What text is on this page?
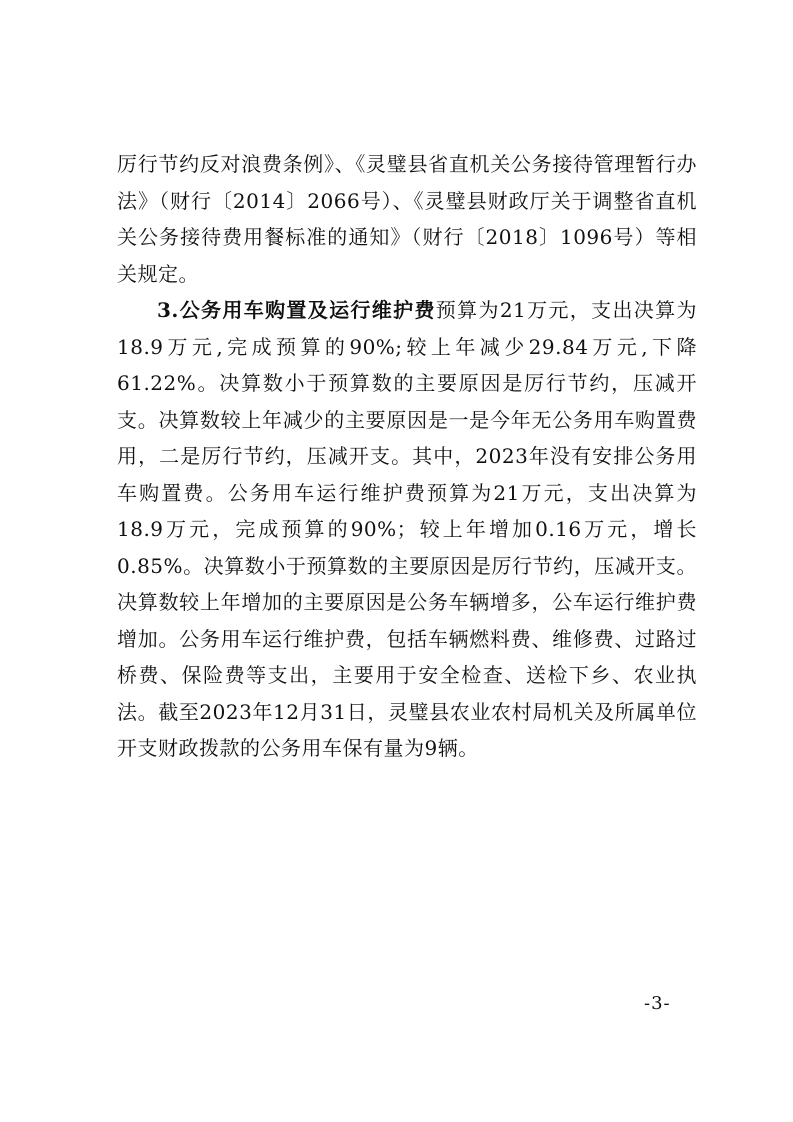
厉行节约反对浪费条例》、《灵璧县省直机关公务接待管理暂行办法》（财行〔2014〕2066号）、《灵璧县财政厅关于调整省直机关公务接待费用餐标准的通知》（财行〔2018〕1096号）等相关规定。

3.公务用车购置及运行维护费预算为21万元，支出决算为18.9万元,完成预算的90%;较上年减少29.84万元,下降61.22%。决算数小于预算数的主要原因是厉行节约，压减开支。决算数较上年减少的主要原因是一是今年无公务用车购置费用，二是厉行节约，压减开支。其中，2023年没有安排公务用车购置费。公务用车运行维护费预算为21万元，支出决算为18.9万元，完成预算的90%；较上年增加0.16万元，增长0.85%。决算数小于预算数的主要原因是厉行节约，压减开支。决算数较上年增加的主要原因是公务车辆增多，公车运行维护费增加。公务用车运行维护费，包括车辆燃料费、维修费、过路过桥费、保险费等支出，主要用于安全检查、送检下乡、农业执法。截至2023年12月31日，灵璧县农业农村局机关及所属单位开支财政拨款的公务用车保有量为9辆。

-3-
